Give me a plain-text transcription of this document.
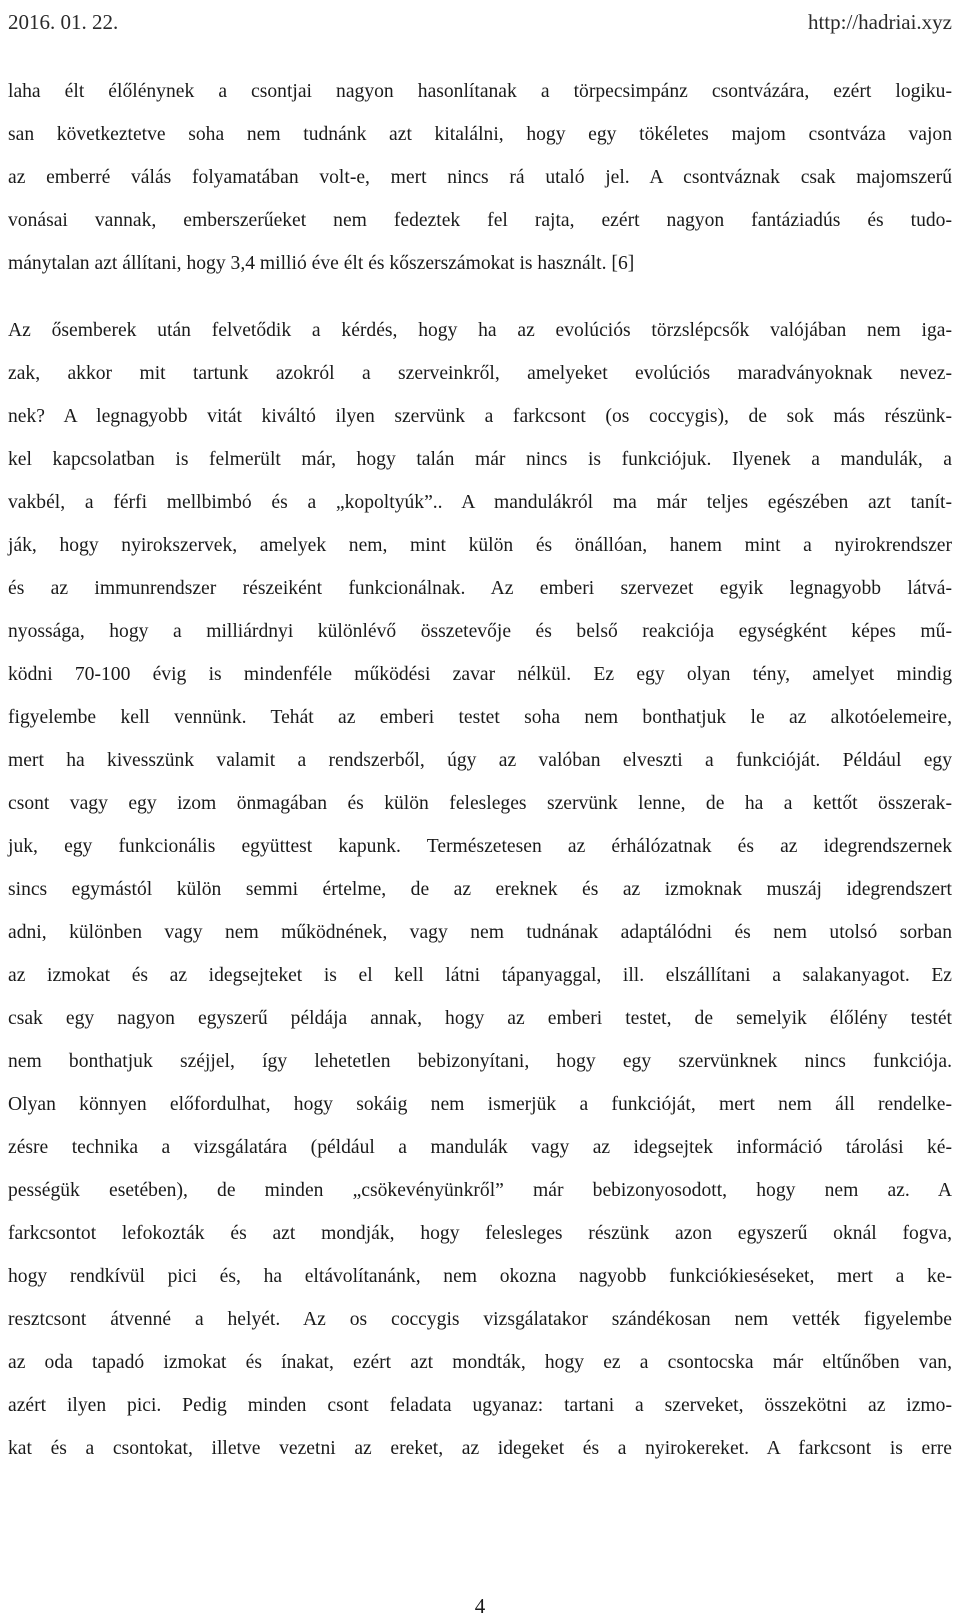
2016. 01. 22.	http://hadriai.xyz
laha élt élőlénynek a csontjai nagyon hasonlítanak a törpecsimpánz csontvázára, ezért logiku-
san következtetve soha nem tudnánk azt kitalálni, hogy egy tökéletes majom csontváza vajon
az emberré válás folyamatában volt-e, mert nincs rá utaló jel. A csontváznak csak majomszerű
vonásai vannak, emberszerűeket nem fedeztek fel rajta, ezért nagyon fantáziadús és tudo-
mánytalan azt állítani, hogy 3,4 millió éve élt és kőszerszámokat is használt. [6]
Az ősemberek után felvetődik a kérdés, hogy ha az evolúciós törzslépcsők valójában nem iga-
zak, akkor mit tartunk azokról a szerveinkről, amelyeket evolúciós maradványoknak nevez-
nek? A legnagyobb vitát kiváltó ilyen szervünk a farkcsont (os coccygis), de sok más részünk-
kel kapcsolatban is felmerült már, hogy talán már nincs is funkciójuk. Ilyenek a mandulák, a
vakbél, a férfi mellbimbó és a „kopoltyúk”.. A mandulákról ma már teljes egészében azt tanít-
ják, hogy nyirokszervek, amelyek nem, mint külön és önállóan, hanem mint a nyirokrendszer
és az immunrendszer részeiként funkcionálnak. Az emberi szervezet egyik legnagyobb látvá-
nyossága, hogy a milliárdnyi különlévő összetevője és belső reakciója egységként képes mű-
ködni 70-100 évig is mindenféle működési zavar nélkül. Ez egy olyan tény, amelyet mindig
figyelembe kell vennünk. Tehát az emberi testet soha nem bonthatjuk le az alkotóelemeire,
mert ha kivesszünk valamit a rendszerből, úgy az valóban elveszti a funkcióját. Például egy
csont vagy egy izom önmagában és külön felesleges szervünk lenne, de ha a kettőt összerak-
juk, egy funkcionális együttest kapunk. Természetesen az érhálózatnak és az idegrendszernek
sincs egymástól külön semmi értelme, de az ereknek és az izmoknak muszáj idegrendszert
adni, különben vagy nem működnének, vagy nem tudnának adaptálódni és nem utolsó sorban
az izmokat és az idegsejteket is el kell látni tápanyaggal, ill. elszállítani a salakanyagot. Ez
csak egy nagyon egyszerű példája annak, hogy az emberi testet, de semelyik élőlény testét
nem bonthatjuk széjjel, így lehetetlen bebizonyítani, hogy egy szervünknek nincs funkciója.
Olyan könnyen előfordulhat, hogy sokáig nem ismerjük a funkcióját, mert nem áll rendelke-
zésre technika a vizsgálatára (például a mandulák vagy az idegsejtek információ tárolási ké-
pességük esetében), de minden „csökevényünkről” már bebizonyosodott, hogy nem az. A
farkcsontot lefokozták és azt mondják, hogy felesleges részünk azon egyszerű oknál fogva,
hogy rendkívül pici és, ha eltávolítanánk, nem okozna nagyobb funkciókieséseket, mert a ke-
resztcsont átvenné a helyét. Az os coccygis vizsgálatakor szándékosan nem vették figyelembe
az oda tapadó izmokat és ínakat, ezért azt mondták, hogy ez a csontocska már eltűnőben van,
azért ilyen pici. Pedig minden csont feladata ugyanaz: tartani a szerveket, összekötni az izmo-
kat és a csontokat, illetve vezetni az ereket, az idegeket és a nyirokereket. A farkcsont is erre
4
